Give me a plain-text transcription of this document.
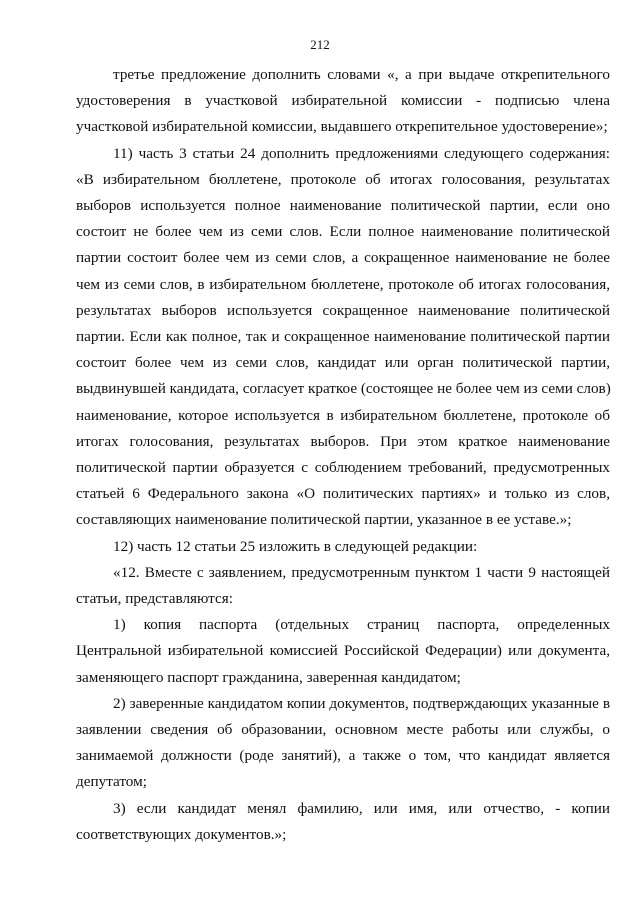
212
третье предложение дополнить словами «, а при выдаче открепительного
удостоверения в участковой избирательной комиссии - подписью члена
участковой избирательной комиссии, выдавшего открепительное удостоверение»;
11) часть 3 статьи 24 дополнить предложениями следующего содержания:
«В избирательном бюллетене, протоколе об итогах голосования, результатах
выборов используется полное наименование политической партии, если оно
состоит не более чем из семи слов. Если полное наименование политической
партии состоит более чем из семи слов, а сокращенное наименование не более
чем из семи слов, в избирательном бюллетене, протоколе об итогах голосования,
результатах выборов используется сокращенное наименование политической
партии. Если как полное, так и сокращенное наименование политической партии
состоит более чем из семи слов, кандидат или орган политической партии,
выдвинувшей кандидата, согласует краткое (состоящее не более чем из семи слов)
наименование, которое используется в избирательном бюллетене, протоколе об
итогах голосования, результатах выборов. При этом краткое наименование
политической партии образуется с соблюдением требований, предусмотренных
статьей 6 Федерального закона «О политических партиях» и только из слов,
составляющих наименование политической партии, указанное в ее уставе.»;
12) часть 12 статьи 25 изложить в следующей редакции:
«12. Вместе с заявлением, предусмотренным пунктом 1 части 9 настоящей
статьи, представляются:
1) копия паспорта (отдельных страниц паспорта, определенных
Центральной избирательной комиссией Российской Федерации) или документа,
заменяющего паспорт гражданина, заверенная кандидатом;
2) заверенные кандидатом копии документов, подтверждающих указанные в
заявлении сведения об образовании, основном месте работы или службы, о
занимаемой должности (роде занятий), а также о том, что кандидат является
депутатом;
3) если кандидат менял фамилию, или имя, или отчество, - копии
соответствующих документов.»;
